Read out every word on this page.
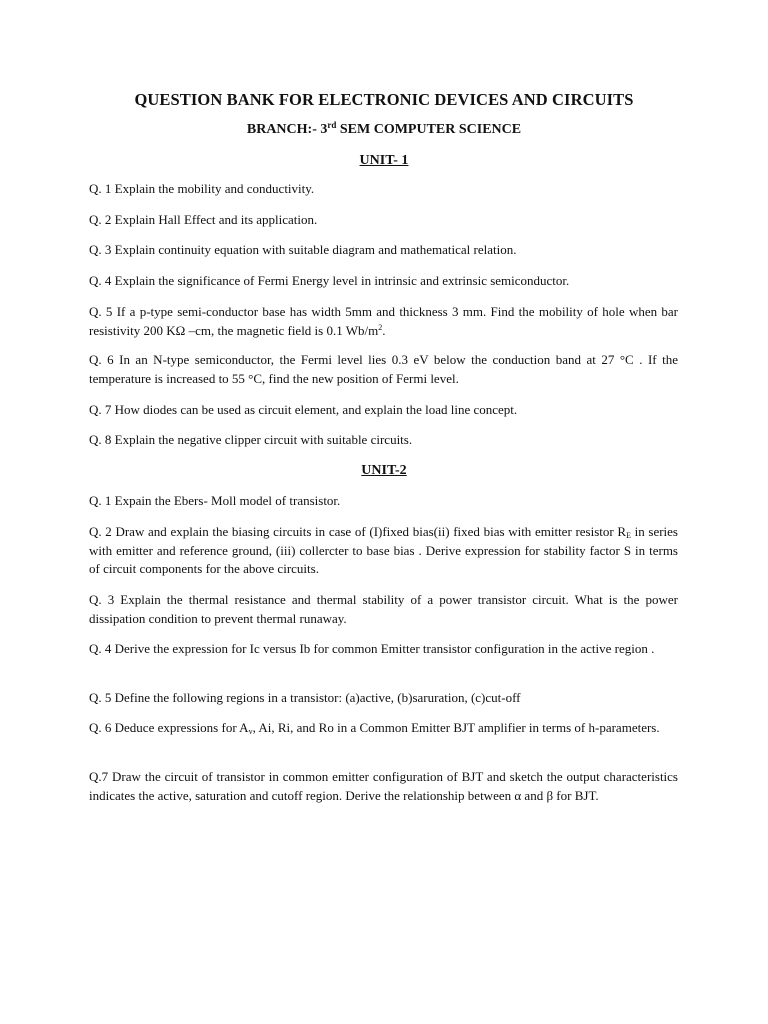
QUESTION BANK FOR ELECTRONIC DEVICES AND CIRCUITS
BRANCH:- 3rd SEM COMPUTER SCIENCE
UNIT- 1

Q. 1 Explain the mobility and conductivity.

Q. 2 Explain Hall Effect and its application.

Q. 3 Explain continuity equation with suitable diagram and mathematical relation.

Q. 4 Explain the significance of Fermi Energy level in intrinsic and extrinsic semiconductor.

Q. 5 If a p-type semi-conductor base has width 5mm and thickness 3 mm. Find the mobility of hole when bar resistivity 200 KΩ –cm, the magnetic field is 0.1 $Wb/m^2$.

Q. 6 In an N-type semiconductor, the Fermi level lies 0.3 eV below the conduction band at 27 °C . If the temperature is increased to 55 °C, find the new position of Fermi level.

Q. 7 How diodes can be used as circuit element, and explain the load line concept.

Q. 8 Explain the negative clipper circuit with suitable circuits.

UNIT-2

Q. 1 Expain the Ebers- Moll model of transistor.

Q. 2 Draw and explain the biasing circuits in case of (I)fixed bias(ii) fixed bias with emitter resistor $R_E$ in series with emitter and reference ground, (iii) collercter to base bias . Derive expression for stability factor S in terms of circuit components for the above circuits.

Q. 3 Explain the thermal resistance and thermal stability of a power transistor circuit. What is the power dissipation condition to prevent thermal runaway.

Q. 4 Derive the expression for Ic versus Ib for common Emitter transistor configuration in the active region .

Q. 5 Define the following regions in a transistor: (a)active, (b)saruration, (c)cut-off

Q. 6 Deduce expressions for $A_v$, Ai, Ri, and Ro in a Common Emitter BJT amplifier in terms of h-parameters.

Q.7 Draw the circuit of transistor in common emitter configuration of BJT and sketch the output characteristics indicates the active, saturation and cutoff region. Derive the relationship between α and β for BJT.
